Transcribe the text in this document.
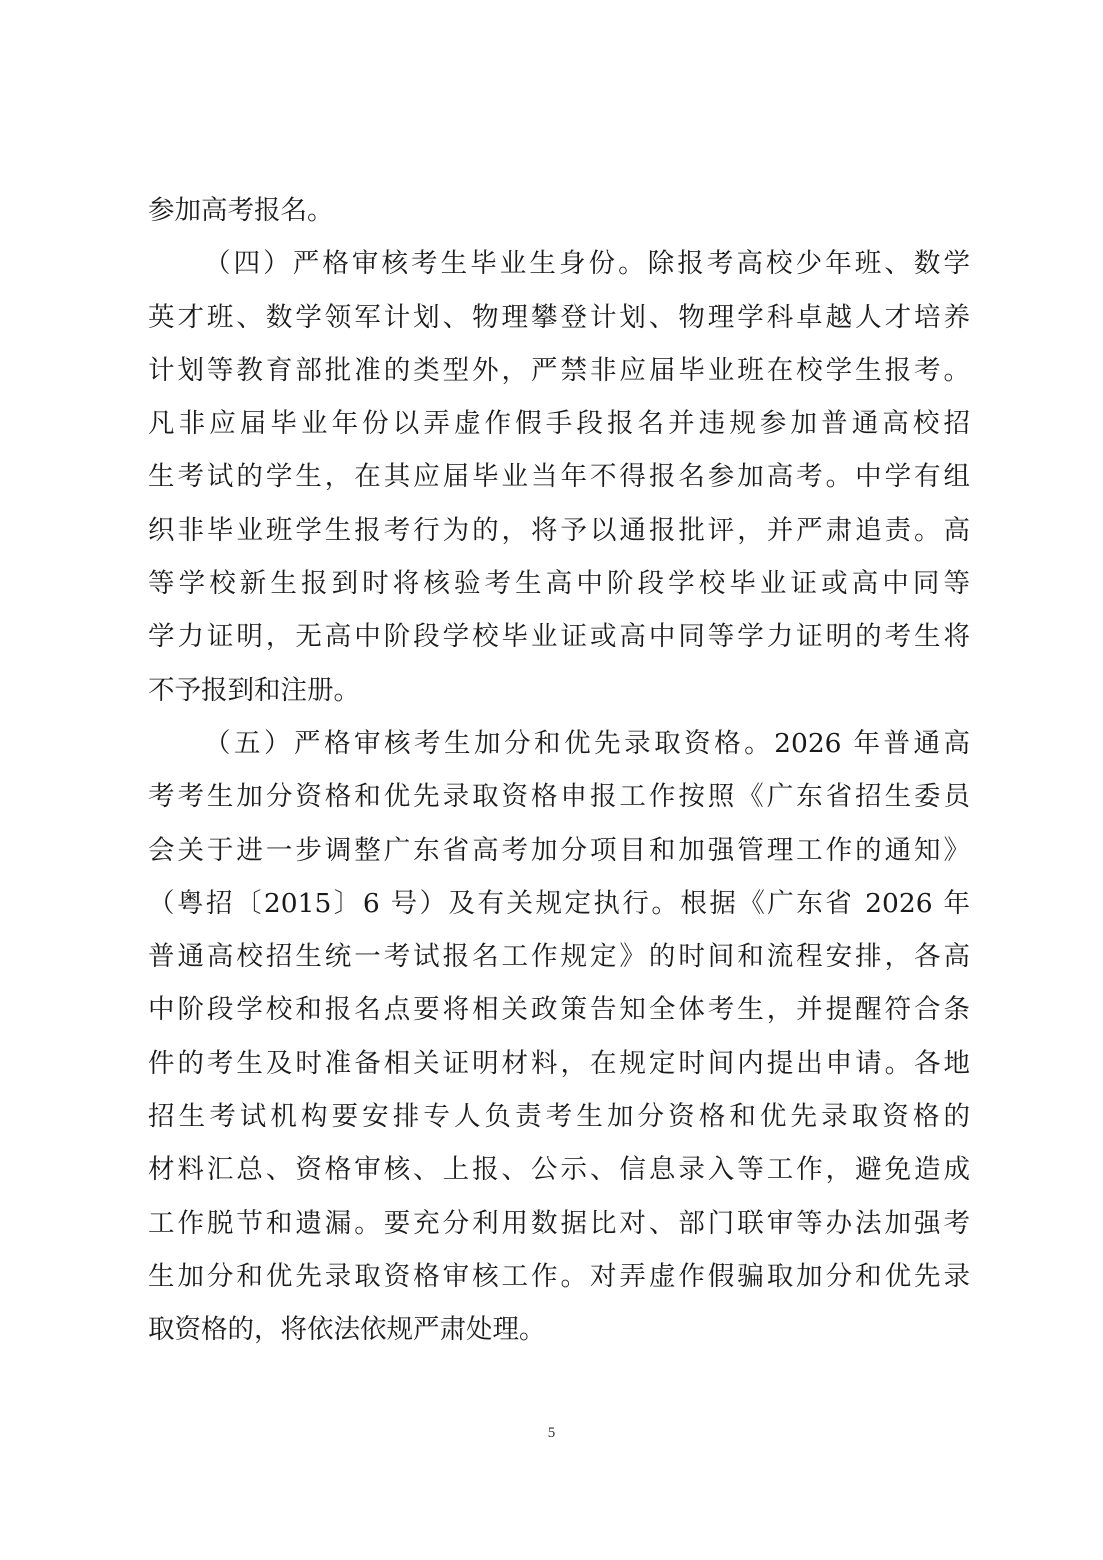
参加高考报名。
（四）严格审核考生毕业生身份。除报考高校少年班、数学
英才班、数学领军计划、物理攀登计划、物理学科卓越人才培养
计划等教育部批准的类型外，严禁非应届毕业班在校学生报考。
凡非应届毕业年份以弄虚作假手段报名并违规参加普通高校招
生考试的学生，在其应届毕业当年不得报名参加高考。中学有组
织非毕业班学生报考行为的，将予以通报批评，并严肃追责。高
等学校新生报到时将核验考生高中阶段学校毕业证或高中同等
学力证明，无高中阶段学校毕业证或高中同等学力证明的考生将
不予报到和注册。
（五）严格审核考生加分和优先录取资格。2026 年普通高
考考生加分资格和优先录取资格申报工作按照《广东省招生委员
会关于进一步调整广东省高考加分项目和加强管理工作的通知》
（粤招〔2015〕6 号）及有关规定执行。根据《广东省 2026 年
普通高校招生统一考试报名工作规定》的时间和流程安排，各高
中阶段学校和报名点要将相关政策告知全体考生，并提醒符合条
件的考生及时准备相关证明材料，在规定时间内提出申请。各地
招生考试机构要安排专人负责考生加分资格和优先录取资格的
材料汇总、资格审核、上报、公示、信息录入等工作，避免造成
工作脱节和遗漏。要充分利用数据比对、部门联审等办法加强考
生加分和优先录取资格审核工作。对弄虚作假骗取加分和优先录
取资格的，将依法依规严肃处理。
5
